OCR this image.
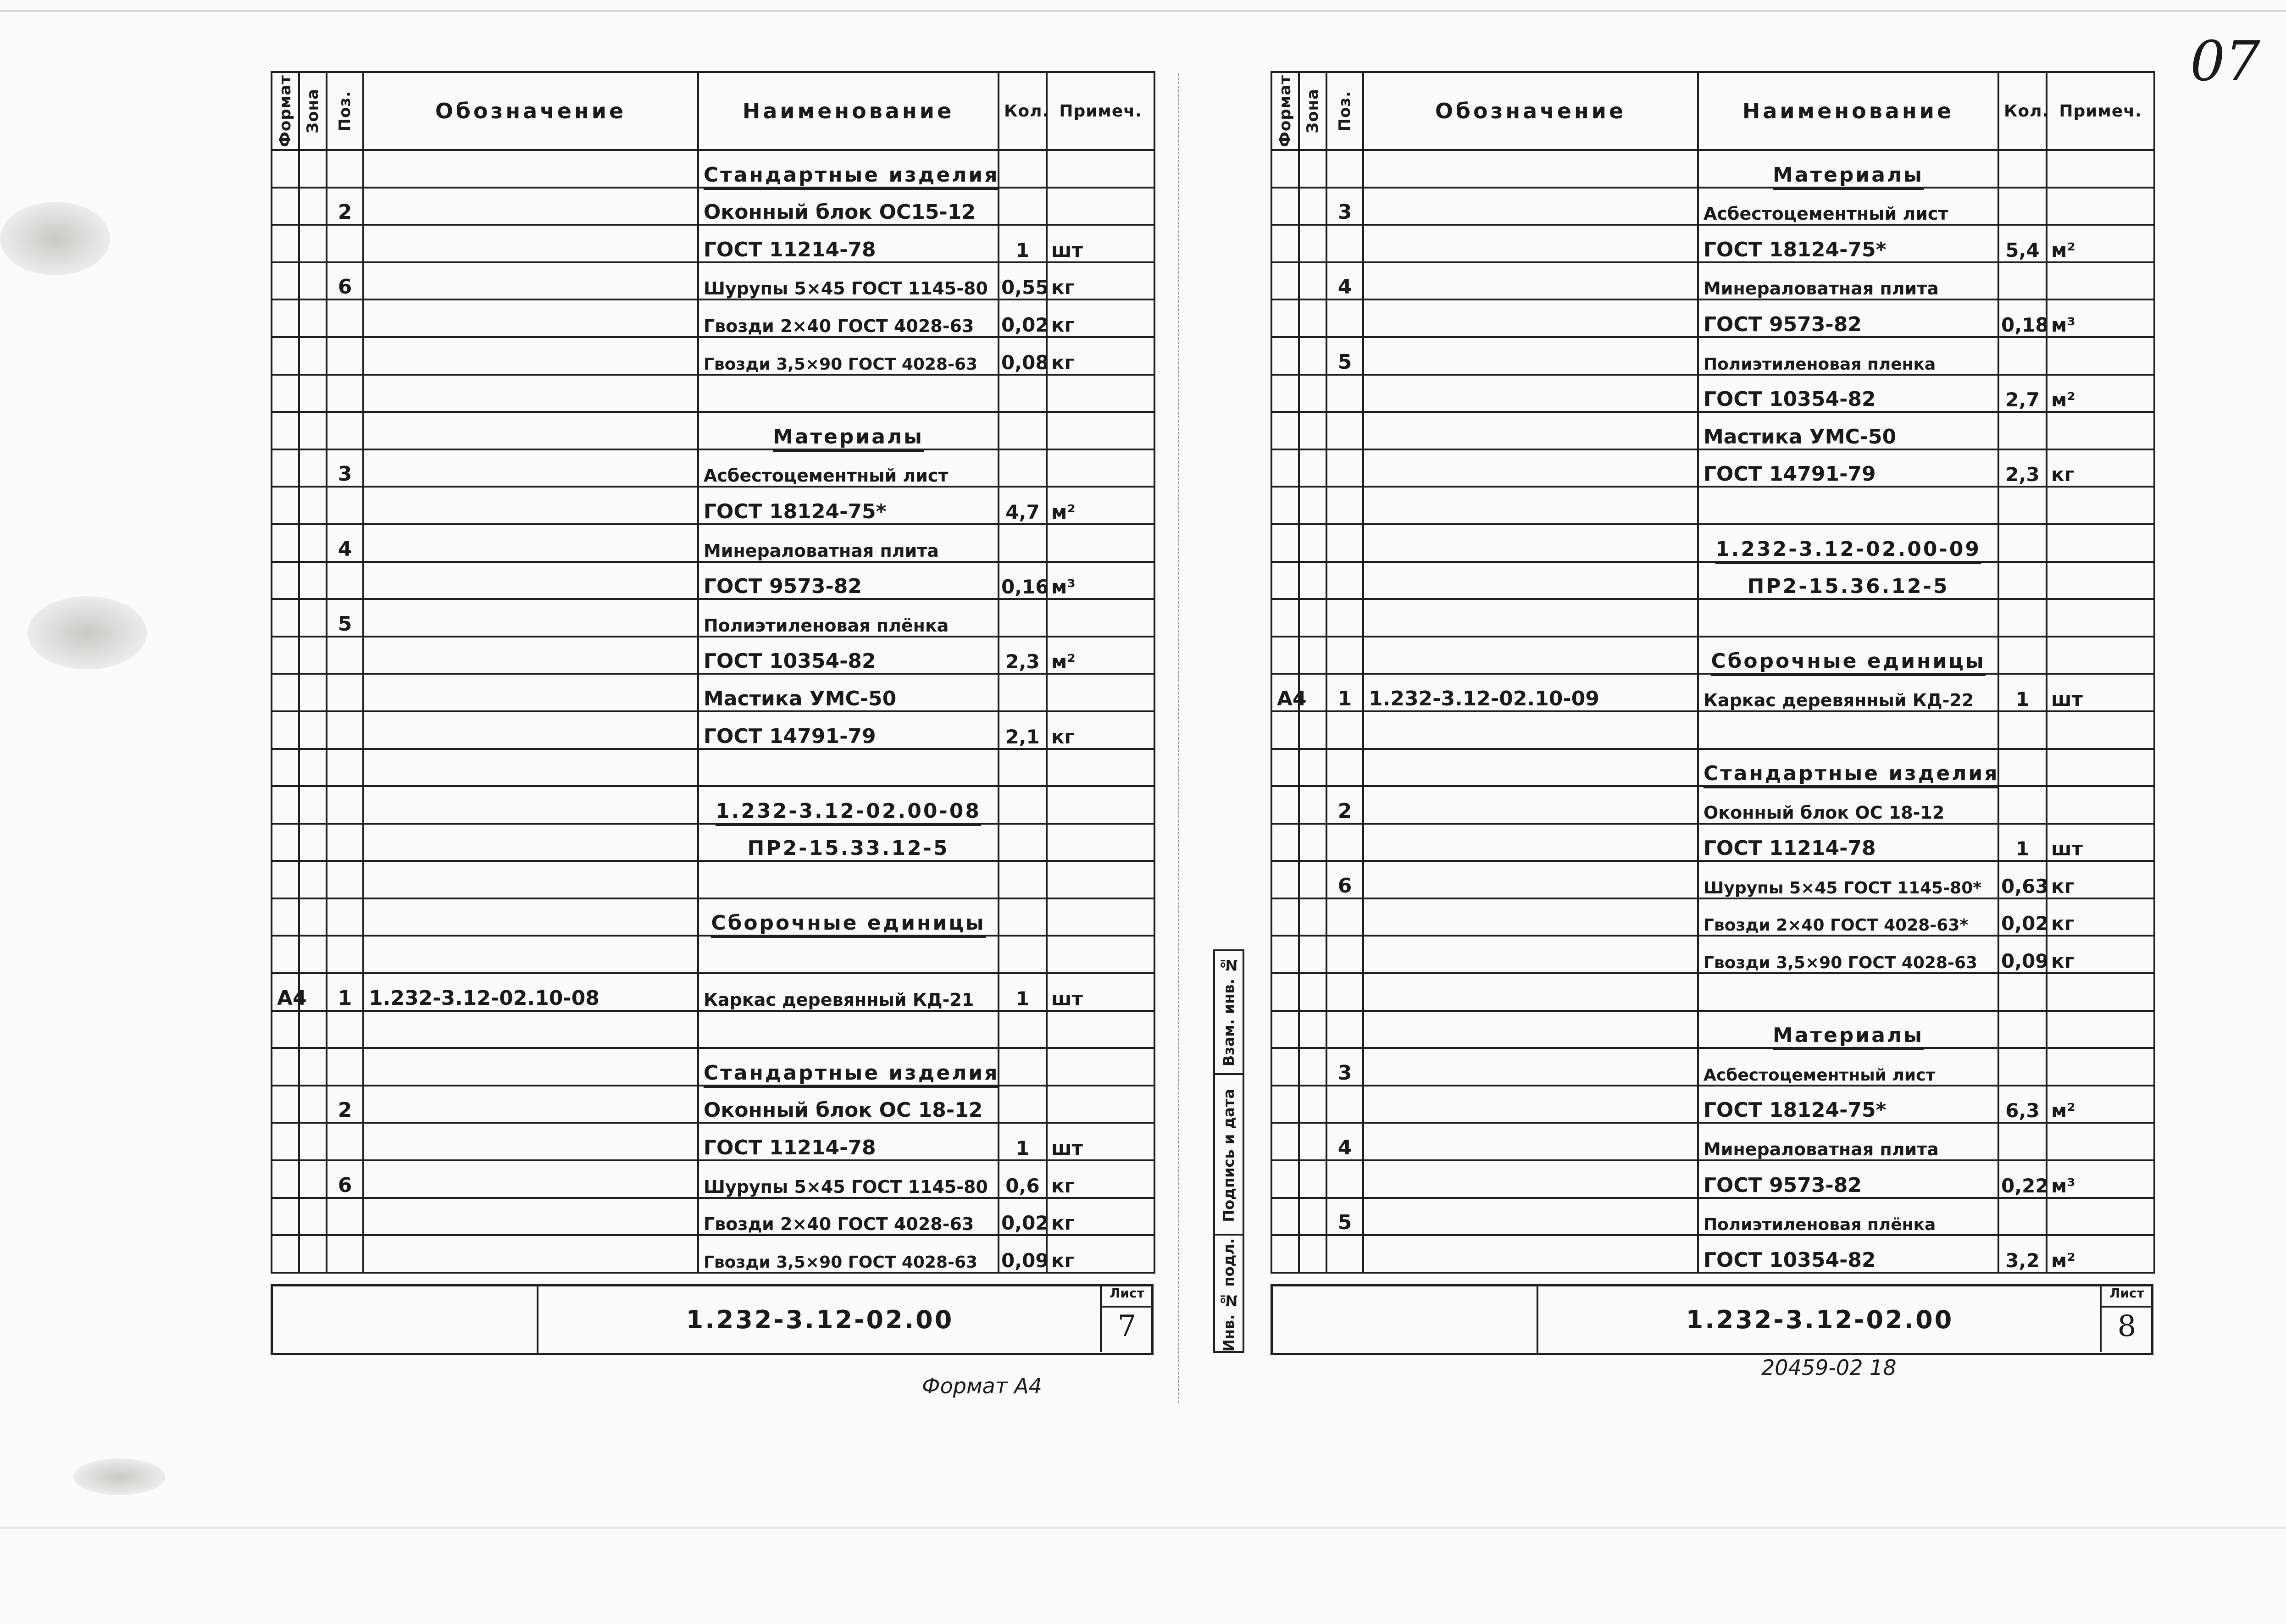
07
Формат	Зона	Поз.	Обозначение	Наименование	Кол.	Примеч.
				Стандартные изделия		
		2		Оконный блок ОС15-12		
				ГОСТ 11214-78	1	шт
		6		Шурупы 5×45 ГОСТ 1145-80	0,55	кг
				Гвозди 2×40 ГОСТ 4028-63	0,02	кг
				Гвозди 3,5×90 ГОСТ 4028-63	0,08	кг

				Материалы		
		3		Асбестоцементный лист		
				ГОСТ 18124-75*	4,7	м²
		4		Минераловатная плита		
				ГОСТ 9573-82	0,16	м³
		5		Полиэтиленовая плёнка		
				ГОСТ 10354-82	2,3	м²
				Мастика УМС-50		
				ГОСТ 14791-79	2,1	кг

				1.232-3.12-02.00-08		
				ПР2-15.33.12-5		

				Сборочные единицы		

А4		1	1.232-3.12-02.10-08	Каркас деревянный КД-21	1	шт

				Стандартные изделия		
		2		Оконный блок ОС 18-12		
				ГОСТ 11214-78	1	шт
		6		Шурупы 5×45 ГОСТ 1145-80	0,6	кг
				Гвозди 2×40 ГОСТ 4028-63	0,02	кг
				Гвозди 3,5×90 ГОСТ 4028-63	0,09	кг
1.232-3.12-02.00
Лист
7
Формат А4
Взам. инв. №
Подпись и дата
Инв. № подл.
Формат	Зона	Поз.	Обозначение	Наименование	Кол.	Примеч.
				Материалы		
		3		Асбестоцементный лист		
				ГОСТ 18124-75*	5,4	м²
		4		Минераловатная плита		
				ГОСТ 9573-82	0,18	м³
		5		Полиэтиленовая пленка		
				ГОСТ 10354-82	2,7	м²
				Мастика УМС-50		
				ГОСТ 14791-79	2,3	кг

				1.232-3.12-02.00-09		
				ПР2-15.36.12-5		

				Сборочные единицы		
А4		1	1.232-3.12-02.10-09	Каркас деревянный КД-22	1	шт

				Стандартные изделия		
		2		Оконный блок ОС 18-12		
				ГОСТ 11214-78	1	шт
		6		Шурупы 5×45 ГОСТ 1145-80*	0,63	кг
				Гвозди 2×40 ГОСТ 4028-63*	0,02	кг
				Гвозди 3,5×90 ГОСТ 4028-63	0,09	кг

				Материалы		
		3		Асбестоцементный лист		
				ГОСТ 18124-75*	6,3	м²
		4		Минераловатная плита		
				ГОСТ 9573-82	0,22	м³
		5		Полиэтиленовая плёнка		
				ГОСТ 10354-82	3,2	м²
1.232-3.12-02.00
Лист
8
20459-02 18
